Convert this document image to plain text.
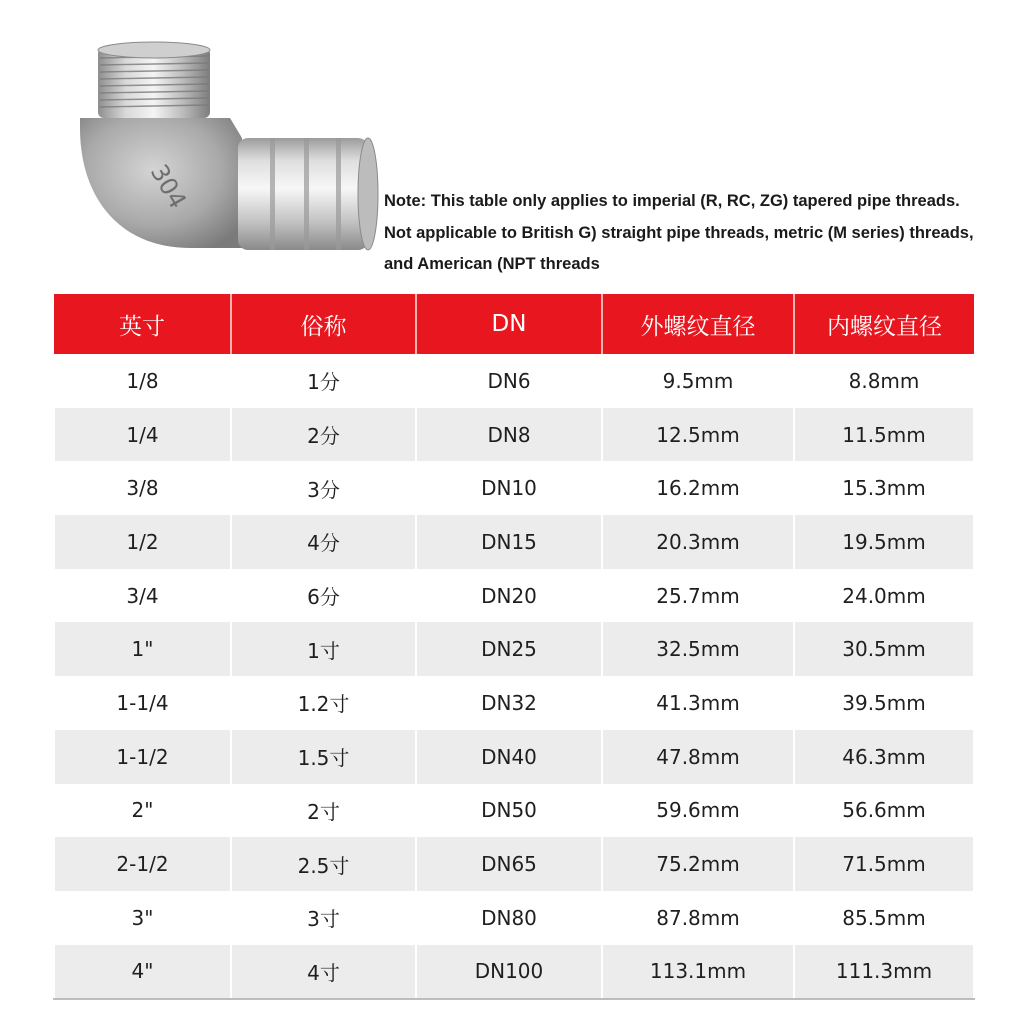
304	Note: This table only applies to imperial (R, RC, ZG) tapered pipe threads.
Not applicable to British G) straight pipe threads, metric (M series) threads,
and American (NPT threads
英寸	俗称	DN	外螺纹直径	内螺纹直径
1/8	1分	DN6	9.5mm	8.8mm
1/4	2分	DN8	12.5mm	11.5mm
3/8	3分	DN10	16.2mm	15.3mm
1/2	4分	DN15	20.3mm	19.5mm
3/4	6分	DN20	25.7mm	24.0mm
1"	1寸	DN25	32.5mm	30.5mm
1-1/4	1.2寸	DN32	41.3mm	39.5mm
1-1/2	1.5寸	DN40	47.8mm	46.3mm
2"	2寸	DN50	59.6mm	56.6mm
2-1/2	2.5寸	DN65	75.2mm	71.5mm
3"	3寸	DN80	87.8mm	85.5mm
4"	4寸	DN100	113.1mm	111.3mm
